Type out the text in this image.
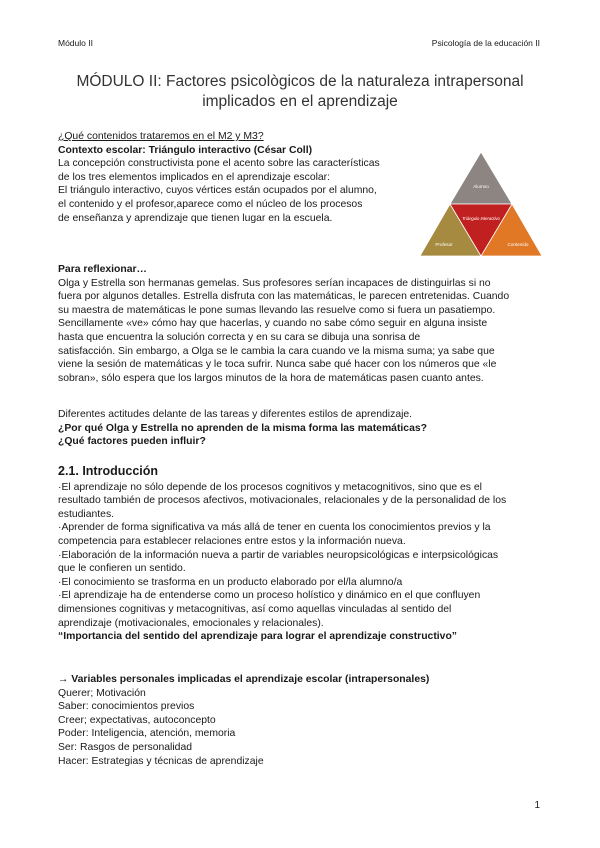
Módulo II	Psicología de la educación II
MÓDULO II: Factores psicològicos de la naturaleza intrapersonal
implicados en el aprendizaje
¿Qué contenidos trataremos en el M2 y M3?
Contexto escolar: Triángulo interactivo (César Coll)
La concepción constructivista pone el acento sobre las características
de los tres elementos implicados en el aprendizaje escolar:
El triángulo interactivo, cuyos vértices están ocupados por el alumno,
el contenido y el profesor,aparece como el núcleo de los procesos
de enseñanza y aprendizaje que tienen lugar en la escuela.
Alumno
Triángulo Interactivo
Profesor	Contenido
Para reflexionar…
Olga y Estrella son hermanas gemelas. Sus profesores serían incapaces de distinguirlas si no
fuera por algunos detalles. Estrella disfruta con las matemáticas, le parecen entretenidas. Cuando
su maestra de matemáticas le pone sumas llevando las resuelve como si fuera un pasatiempo.
Sencillamente «ve» cómo hay que hacerlas, y cuando no sabe cómo seguir en alguna insiste
hasta que encuentra la solución correcta y en su cara se dibuja una sonrisa de
satisfacción. Sin embargo, a Olga se le cambia la cara cuando ve la misma suma; ya sabe que
viene la sesión de matemáticas y le toca sufrir. Nunca sabe qué hacer con los números que «le
sobran», sólo espera que los largos minutos de la hora de matemáticas pasen cuanto antes.
Diferentes actitudes delante de las tareas y diferentes estilos de aprendizaje.
¿Por qué Olga y Estrella no aprenden de la misma forma las matemáticas?
¿Qué factores pueden influir?
2.1. Introducción
·El aprendizaje no sólo depende de los procesos cognitivos y metacognitivos, sino que es el
resultado también de procesos afectivos, motivacionales, relacionales y de la personalidad de los
estudiantes.
·Aprender de forma significativa va más allá de tener en cuenta los conocimientos previos y la
competencia para establecer relaciones entre estos y la información nueva.
·Elaboración de la información nueva a partir de variables neuropsicológicas e interpsicológicas
que le confieren un sentido.
·El conocimiento se trasforma en un producto elaborado por el/la alumno/a
·El aprendizaje ha de entenderse como un proceso holístico y dinámico en el que confluyen
dimensiones cognitivas y metacognitivas, así como aquellas vinculadas al sentido del
aprendizaje (motivacionales, emocionales y relacionales).
“Importancia del sentido del aprendizaje para lograr el aprendizaje constructivo”
→ Variables personales implicadas el aprendizaje escolar (intrapersonales)
Querer; Motivación
Saber: conocimientos previos
Creer; expectativas, autoconcepto
Poder: Inteligencia, atención, memoria
Ser: Rasgos de personalidad
Hacer: Estrategias y técnicas de aprendizaje
1
